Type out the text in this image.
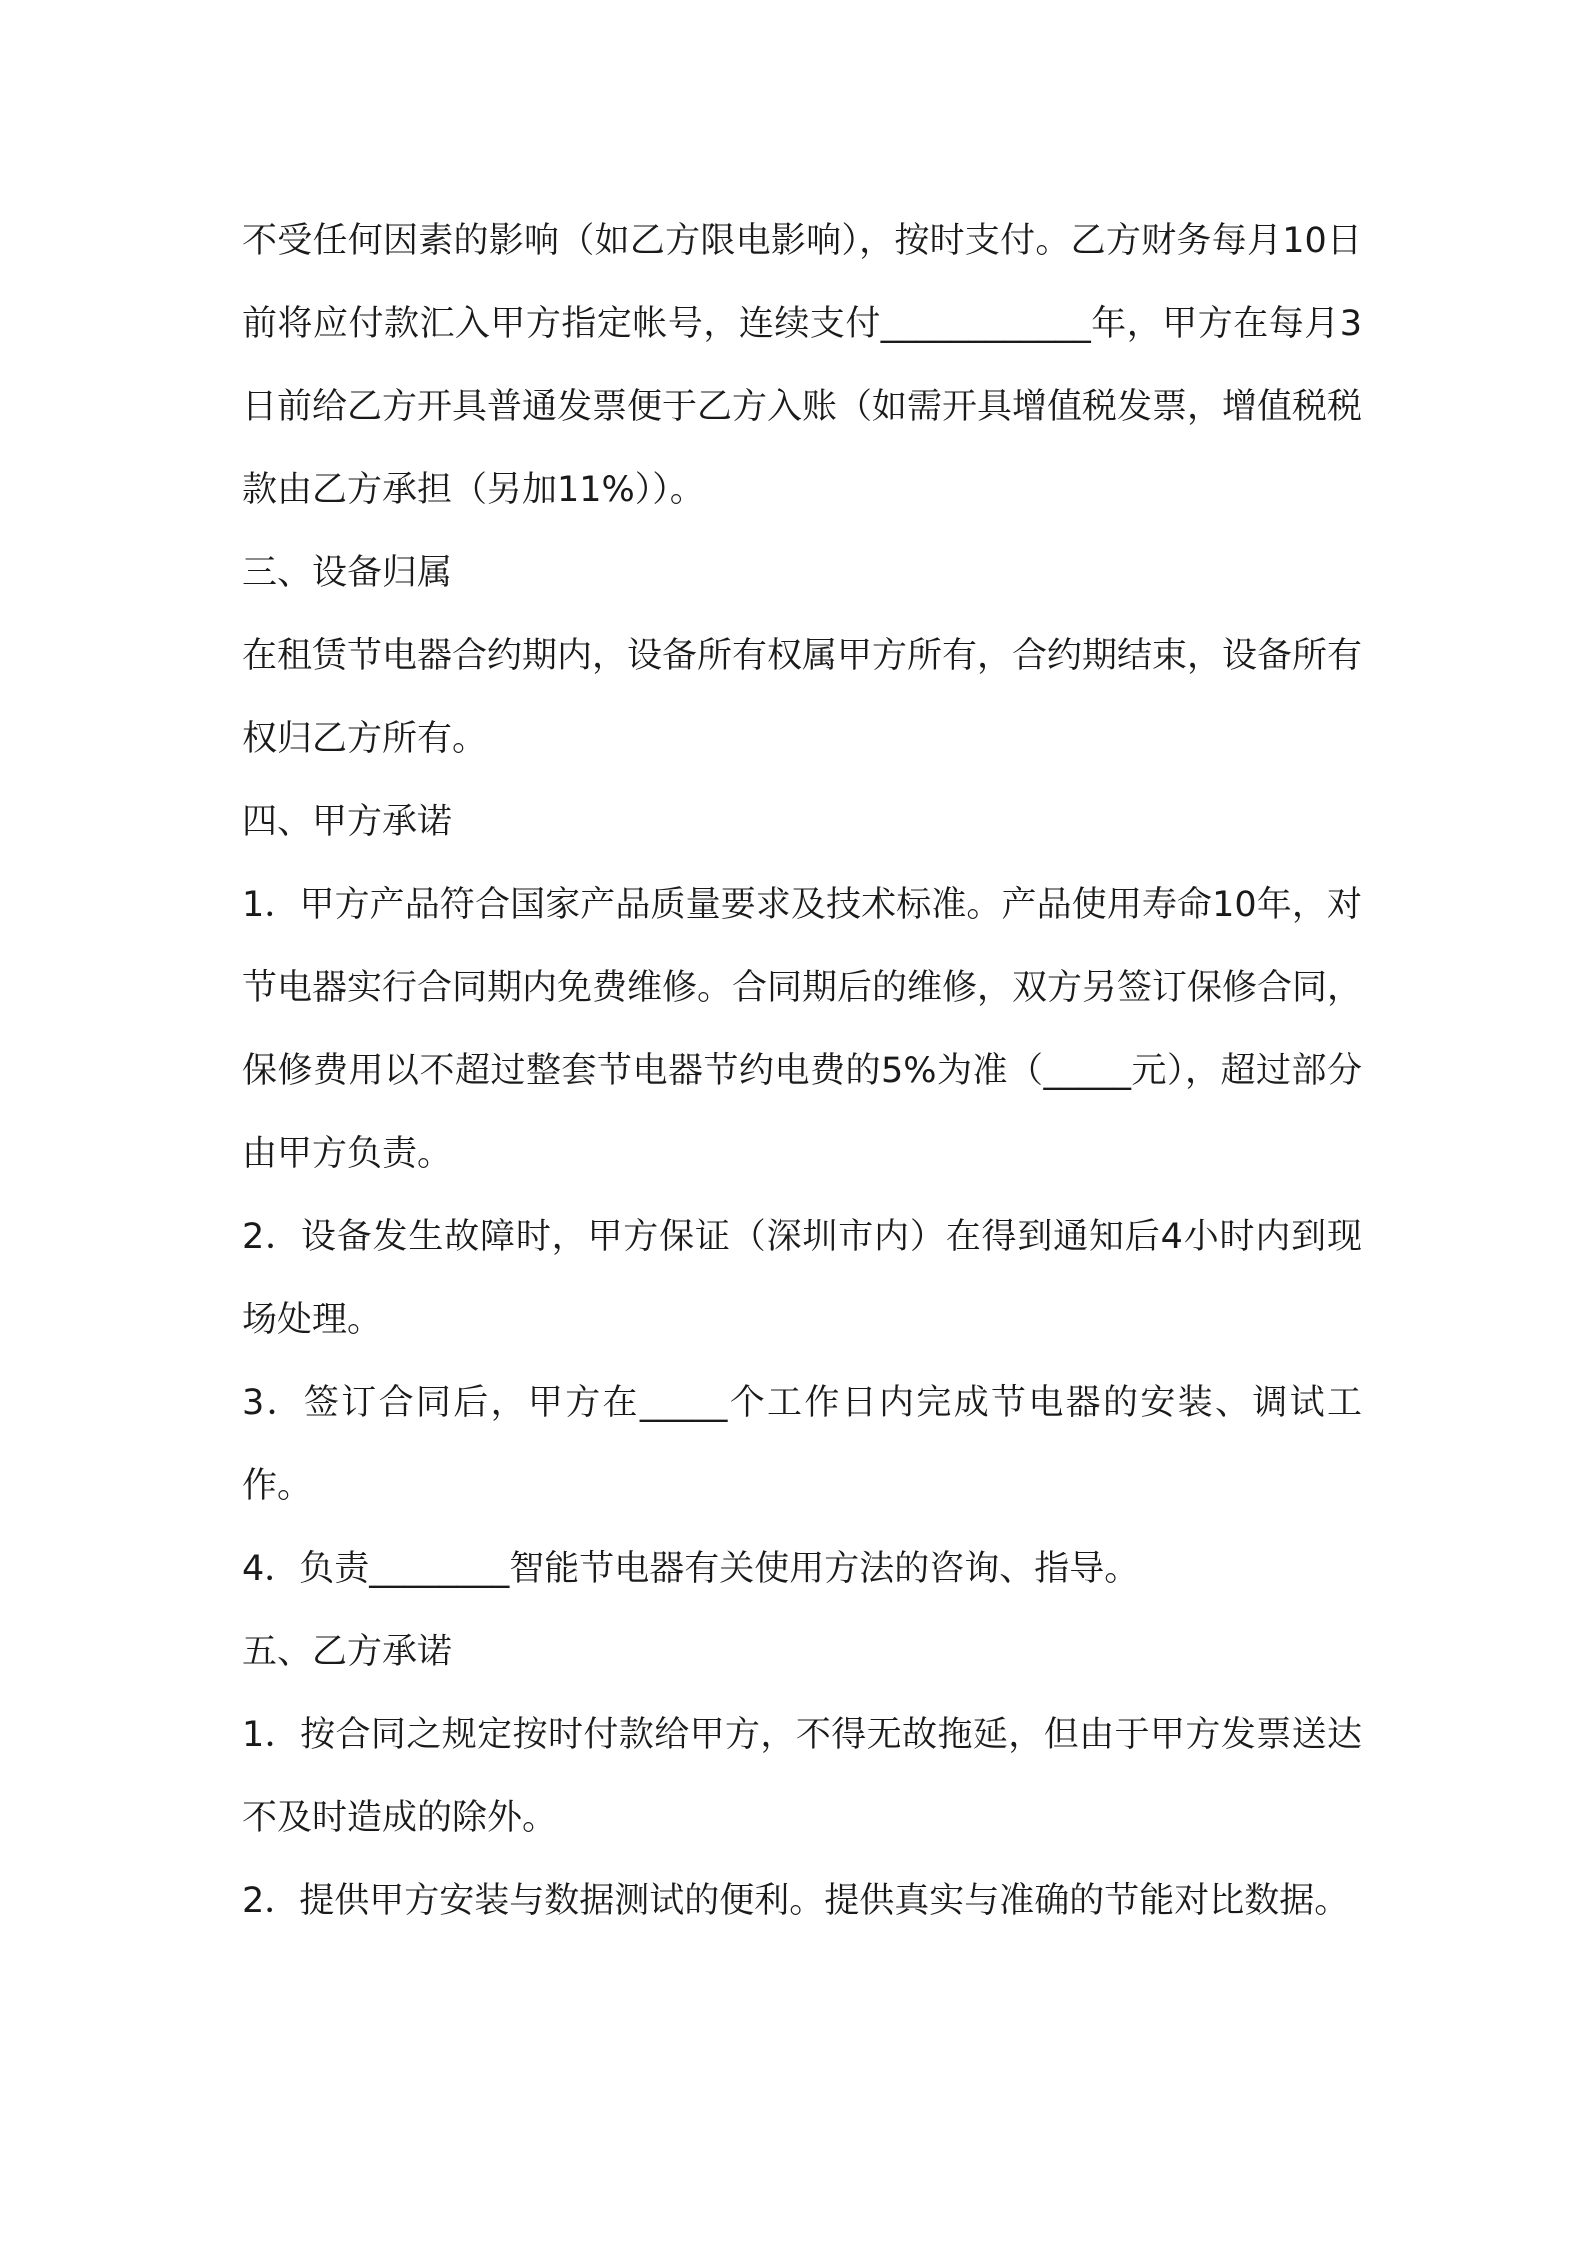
不受任何因素的影响（如乙方限电影响），按时支付。乙方财务每月10日前将应付款汇入甲方指定帐号，连续支付____________年，甲方在每月3日前给乙方开具普通发票便于乙方入账（如需开具增值税发票，增值税税款由乙方承担（另加11%））。

三、设备归属

在租赁节电器合约期内，设备所有权属甲方所有，合约期结束，设备所有权归乙方所有。

四、甲方承诺

1．甲方产品符合国家产品质量要求及技术标准。产品使用寿命10年，对节电器实行合同期内免费维修。合同期后的维修，双方另签订保修合同，保修费用以不超过整套节电器节约电费的5%为准（_____元），超过部分由甲方负责。

2．设备发生故障时，甲方保证（深圳市内）在得到通知后4小时内到现场处理。

3．签订合同后，甲方在_____个工作日内完成节电器的安装、调试工作。

4．负责________智能节电器有关使用方法的咨询、指导。

五、乙方承诺

1．按合同之规定按时付款给甲方，不得无故拖延，但由于甲方发票送达不及时造成的除外。

2．提供甲方安装与数据测试的便利。提供真实与准确的节能对比数据。
